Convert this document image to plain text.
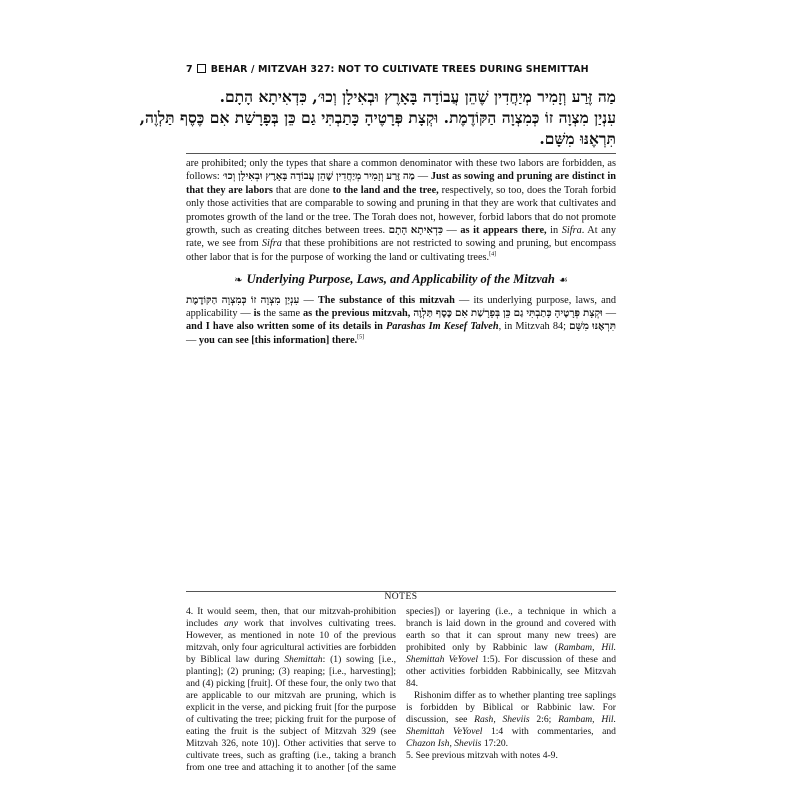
7 BEHAR / MITZVAH 327: NOT TO CULTIVATE TREES DURING SHEMITTAH
מַה זֶּרַע וְזָמִיר מְיַחֲדִין שֶׁהֵן עֲבוֹדָה בָּאָרֶץ וּבְאִילָן וְכוּ׳, כִּדְאִיתָא הָתָם.
עִנְיַן מִצְוָה זוֹ כְּמִצְוָה הַקּוֹדֶמֶת. וּקְצָת פְּרָטֶיהָ כָּתַבְתִּי גַם כֵּן בְּפָרָשַׁת אִם כֶּסֶף תַּלְוֶה,
תִּרְאֶנּוּ מִשָּׁם.

are prohibited; only the types that share a common denominator with these two labors are forbidden, as follows: מַה זֶּרַע וְזָמִיר מְיַחֲדִין שֶׁהֵן עֲבוֹדָה בָּאָרֶץ וּבְאִילָן וְכוּ׳ — Just as sowing and pruning are distinct in that they are labors that are done to the land and the tree, respectively, so too, does the Torah forbid only those activities that are comparable to sowing and pruning in that they are work that cultivates and promotes growth of the land or the tree. The Torah does not, however, forbid labors that do not promote growth, such as creating ditches between trees. כִּדְאִיתָא הָתָם — as it appears there, in Sifra. At any rate, we see from Sifra that these prohibitions are not restricted to sowing and pruning, but encompass other labor that is for the purpose of working the land or cultivating trees.[4]

❧ Underlying Purpose, Laws, and Applicability of the Mitzvah ☙

עִנְיַן מִצְוָה זוֹ כְּמִצְוָה הַקּוֹדֶמֶת — The substance of this mitzvah — its underlying purpose, laws, and applicability — is the same as the previous mitzvah, וּקְצָת פְּרָטֶיהָ כָּתַבְתִּי גַם כֵּן בְּפָרָשַׁת אִם כֶּסֶף תַּלְוֶה — and I have also written some of its details in Parashas Im Kesef Talveh, in Mitzvah 84; תִּרְאֶנּוּ מִשָּׁם — you can see [this information] there.[5]

NOTES

4. It would seem, then, that our mitzvah-prohibition includes any work that involves cultivating trees. However, as mentioned in note 10 of the previous mitzvah, only four agricultural activities are forbidden by Biblical law during Shemittah: (1) sowing [i.e., planting]; (2) pruning; (3) reaping; [i.e., harvesting]; and (4) picking [fruit]. Of these four, the only two that are applicable to our mitzvah are pruning, which is explicit in the verse, and picking fruit [for the purpose of cultivating the tree; picking fruit for the purpose of eating the fruit is the subject of Mitzvah 329 (see Mitzvah 326, note 10)]. Other activities that serve to cultivate trees, such as grafting (i.e., taking a branch from one tree and attaching it to another [of the same species]) or layering (i.e., a technique in which a branch is laid down in the ground and covered with earth so that it can sprout many new trees) are prohibited only by Rabbinic law (Rambam, Hil. Shemittah VeYovel 1:5). For discussion of these and other activities forbidden Rabbinically, see Mitzvah 84.

Rishonim differ as to whether planting tree saplings is forbidden by Biblical or Rabbinic law. For discussion, see Rash, Sheviis 2:6; Rambam, Hil. Shemittah VeYovel 1:4 with commentaries, and Chazon Ish, Sheviis 17:20.

5. See previous mitzvah with notes 4-9.
